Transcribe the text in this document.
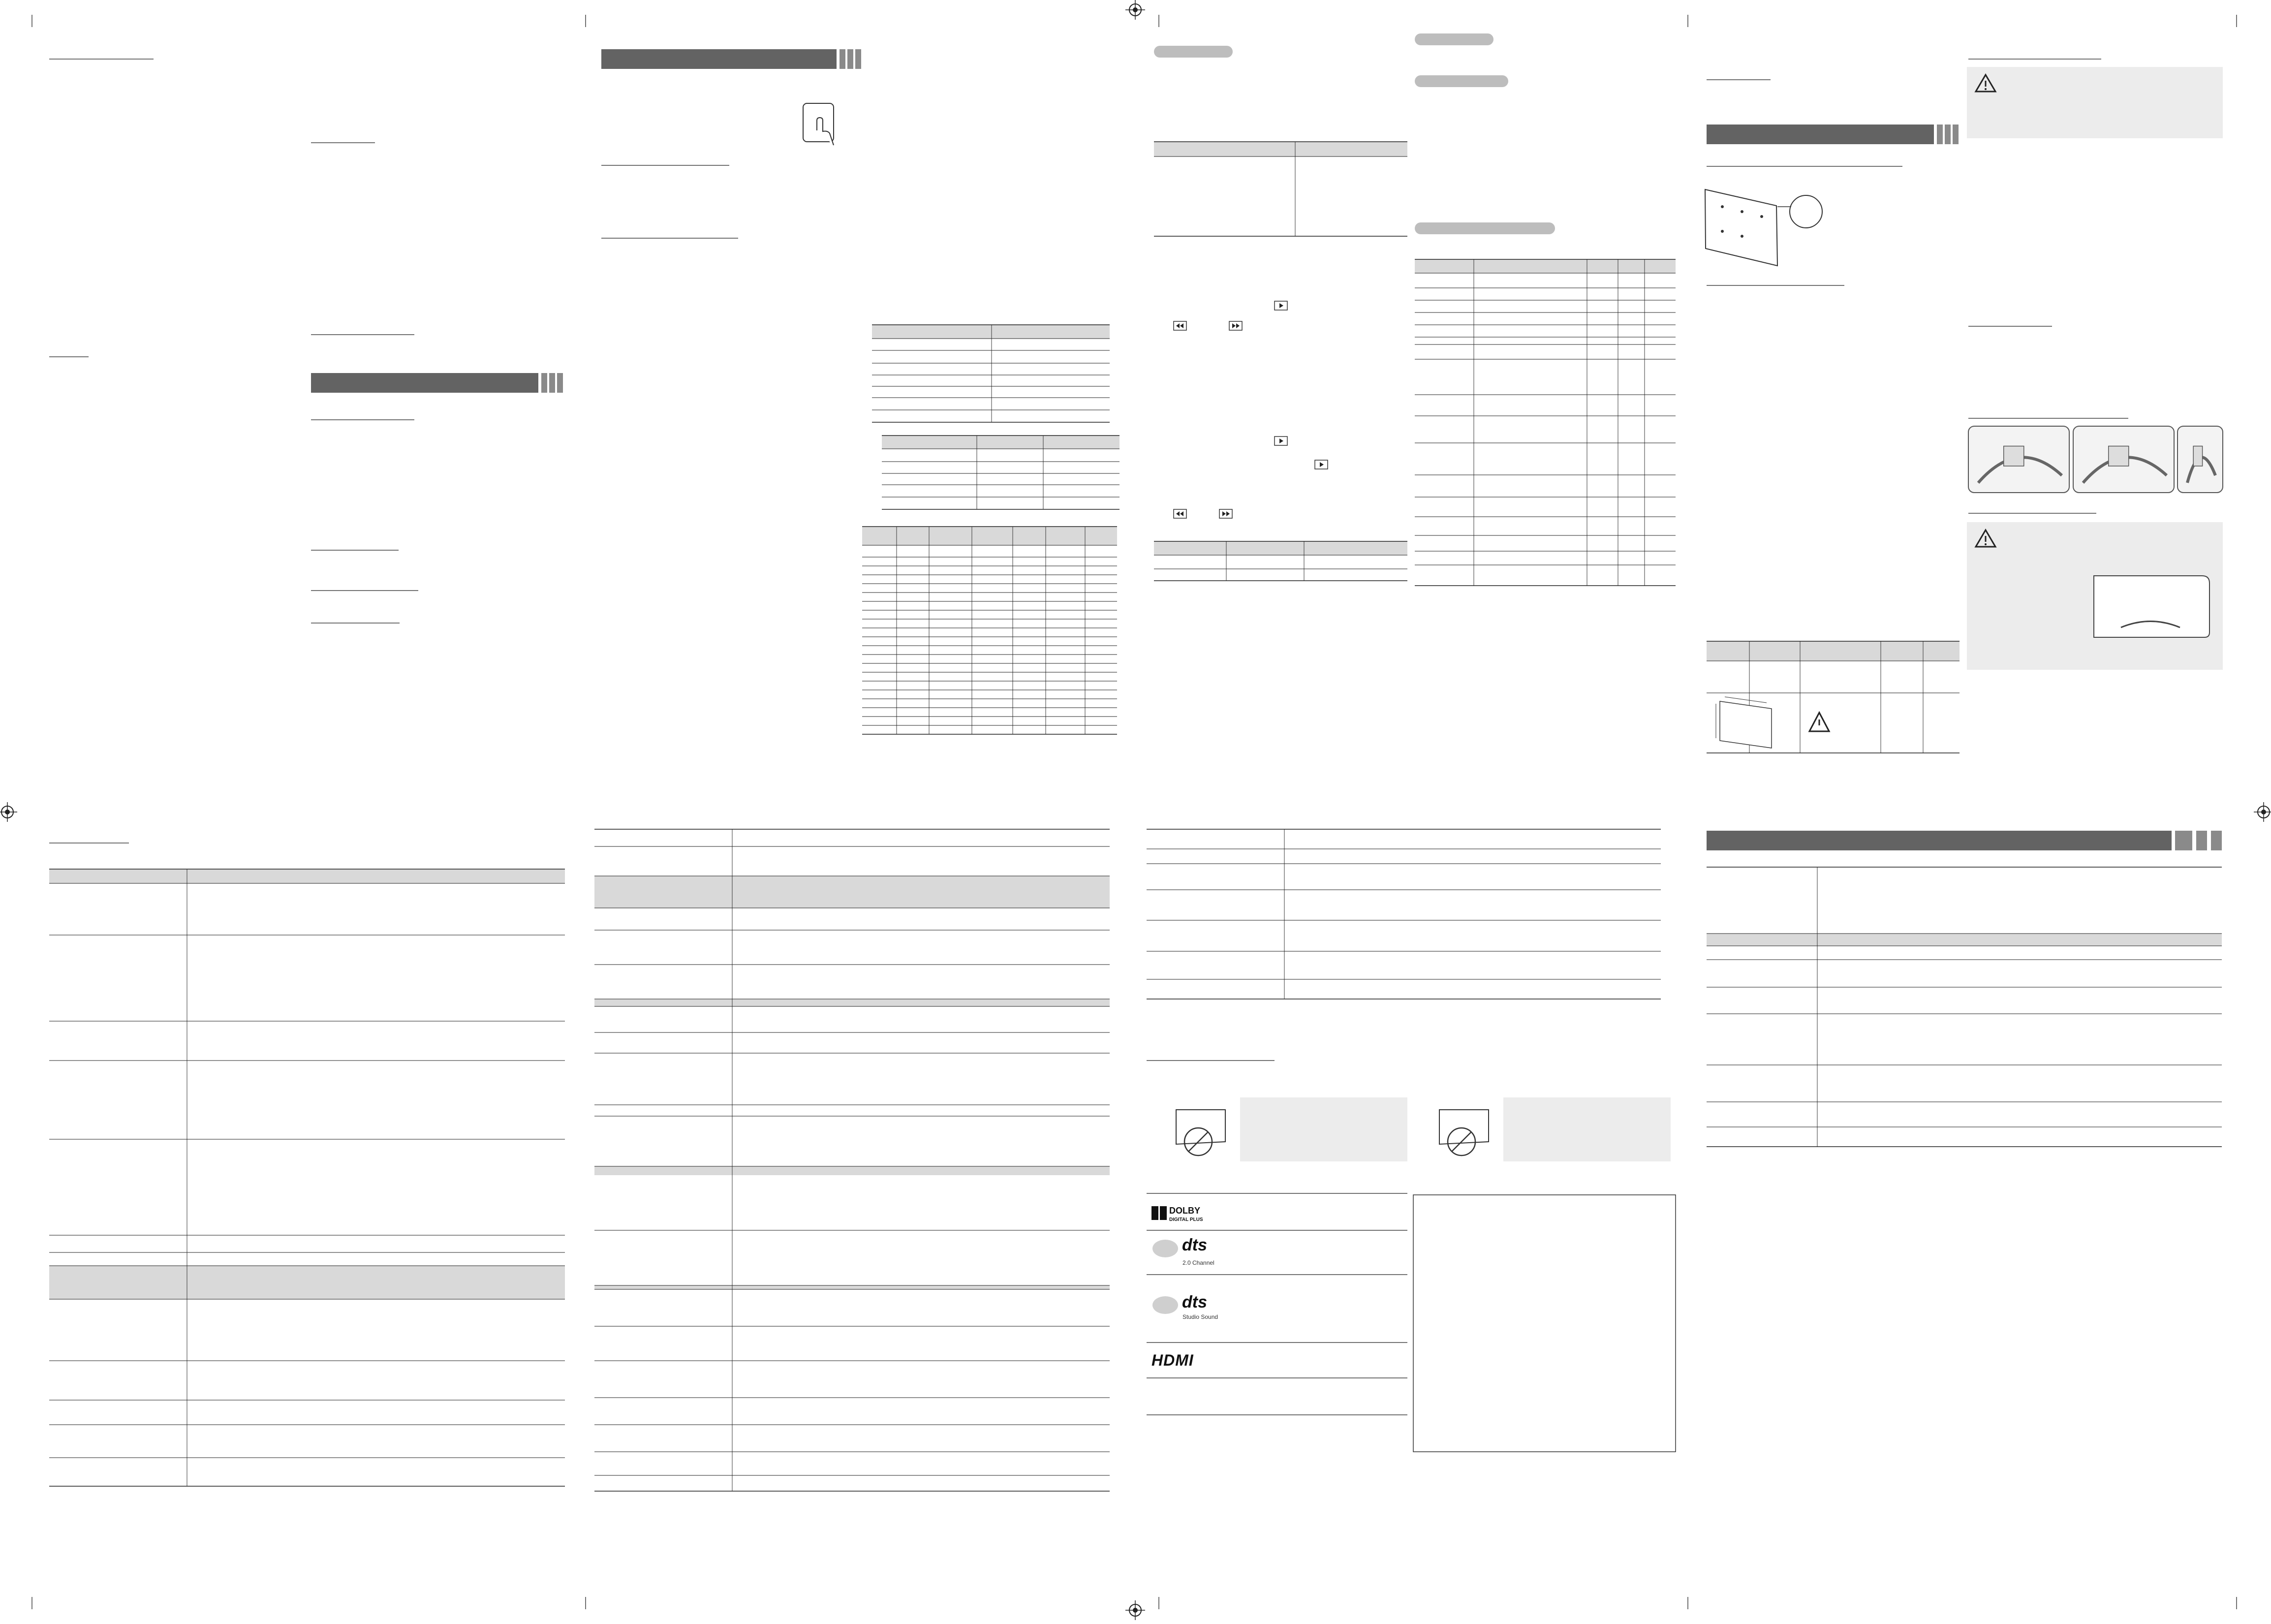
DOLBY
DIGITAL PLUS
dts
2.0 Channel
dts
Studio Sound
HDMI
